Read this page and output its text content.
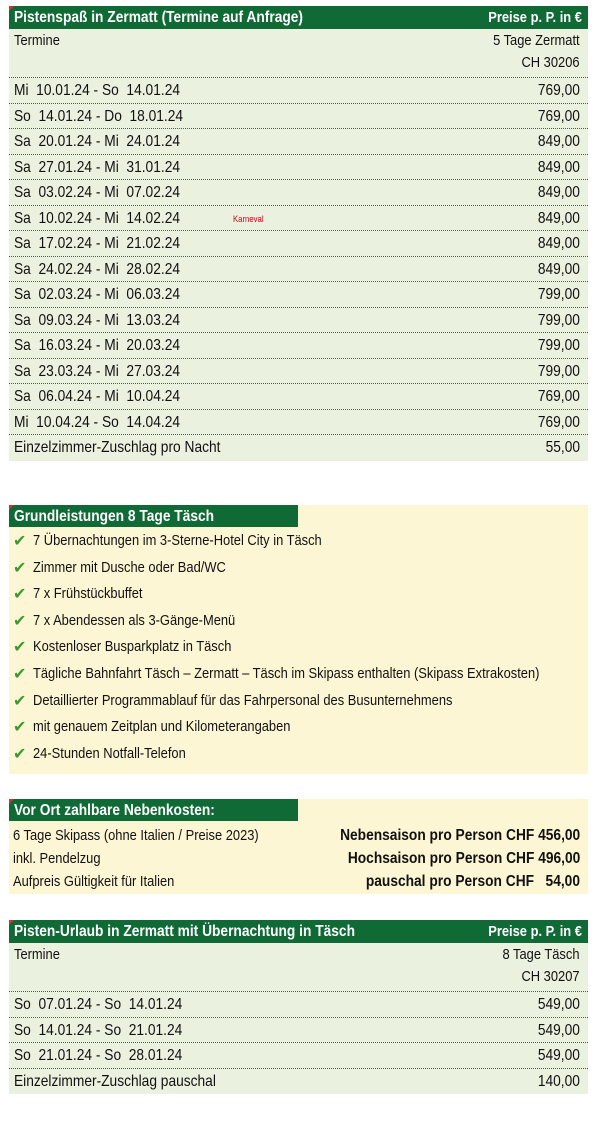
Pistenspaß in Zermatt (Termine auf Anfrage)	Preise p. P. in €
Termine	5 Tage Zermatt
CH 30206
Mi  10.01.24 - So  14.01.24	769,00
So  14.01.24 - Do  18.01.24	769,00
Sa  20.01.24 - Mi  24.01.24	849,00
Sa  27.01.24 - Mi  31.01.24	849,00
Sa  03.02.24 - Mi  07.02.24	849,00
Sa  10.02.24 - Mi  14.02.24	Karneval	849,00
Sa  17.02.24 - Mi  21.02.24	849,00
Sa  24.02.24 - Mi  28.02.24	849,00
Sa  02.03.24 - Mi  06.03.24	799,00
Sa  09.03.24 - Mi  13.03.24	799,00
Sa  16.03.24 - Mi  20.03.24	799,00
Sa  23.03.24 - Mi  27.03.24	799,00
Sa  06.04.24 - Mi  10.04.24	769,00
Mi  10.04.24 - So  14.04.24	769,00
Einzelzimmer-Zuschlag pro Nacht	55,00
Grundleistungen 8 Tage Täsch
✔ 7 Übernachtungen im 3-Sterne-Hotel City in Täsch
✔ Zimmer mit Dusche oder Bad/WC
✔ 7 x Frühstückbuffet
✔ 7 x Abendessen als 3-Gänge-Menü
✔ Kostenloser Busparkplatz in Täsch
✔ Tägliche Bahnfahrt Täsch – Zermatt – Täsch im Skipass enthalten (Skipass Extrakosten)
✔ Detaillierter Programmablauf für das Fahrpersonal des Busunternehmens
✔ mit genauem Zeitplan und Kilometerangaben
✔ 24-Stunden Notfall-Telefon
Vor Ort zahlbare Nebenkosten:
6 Tage Skipass (ohne Italien / Preise 2023)	Nebensaison pro Person CHF 456,00
inkl. Pendelzug	Hochsaison pro Person CHF 496,00
Aufpreis Gültigkeit für Italien	pauschal pro Person CHF   54,00
Pisten-Urlaub in Zermatt mit Übernachtung in Täsch	Preise p. P. in €
Termine	8 Tage Täsch
CH 30207
So  07.01.24 - So  14.01.24	549,00
So  14.01.24 - So  21.01.24	549,00
So  21.01.24 - So  28.01.24	549,00
Einzelzimmer-Zuschlag pauschal	140,00
